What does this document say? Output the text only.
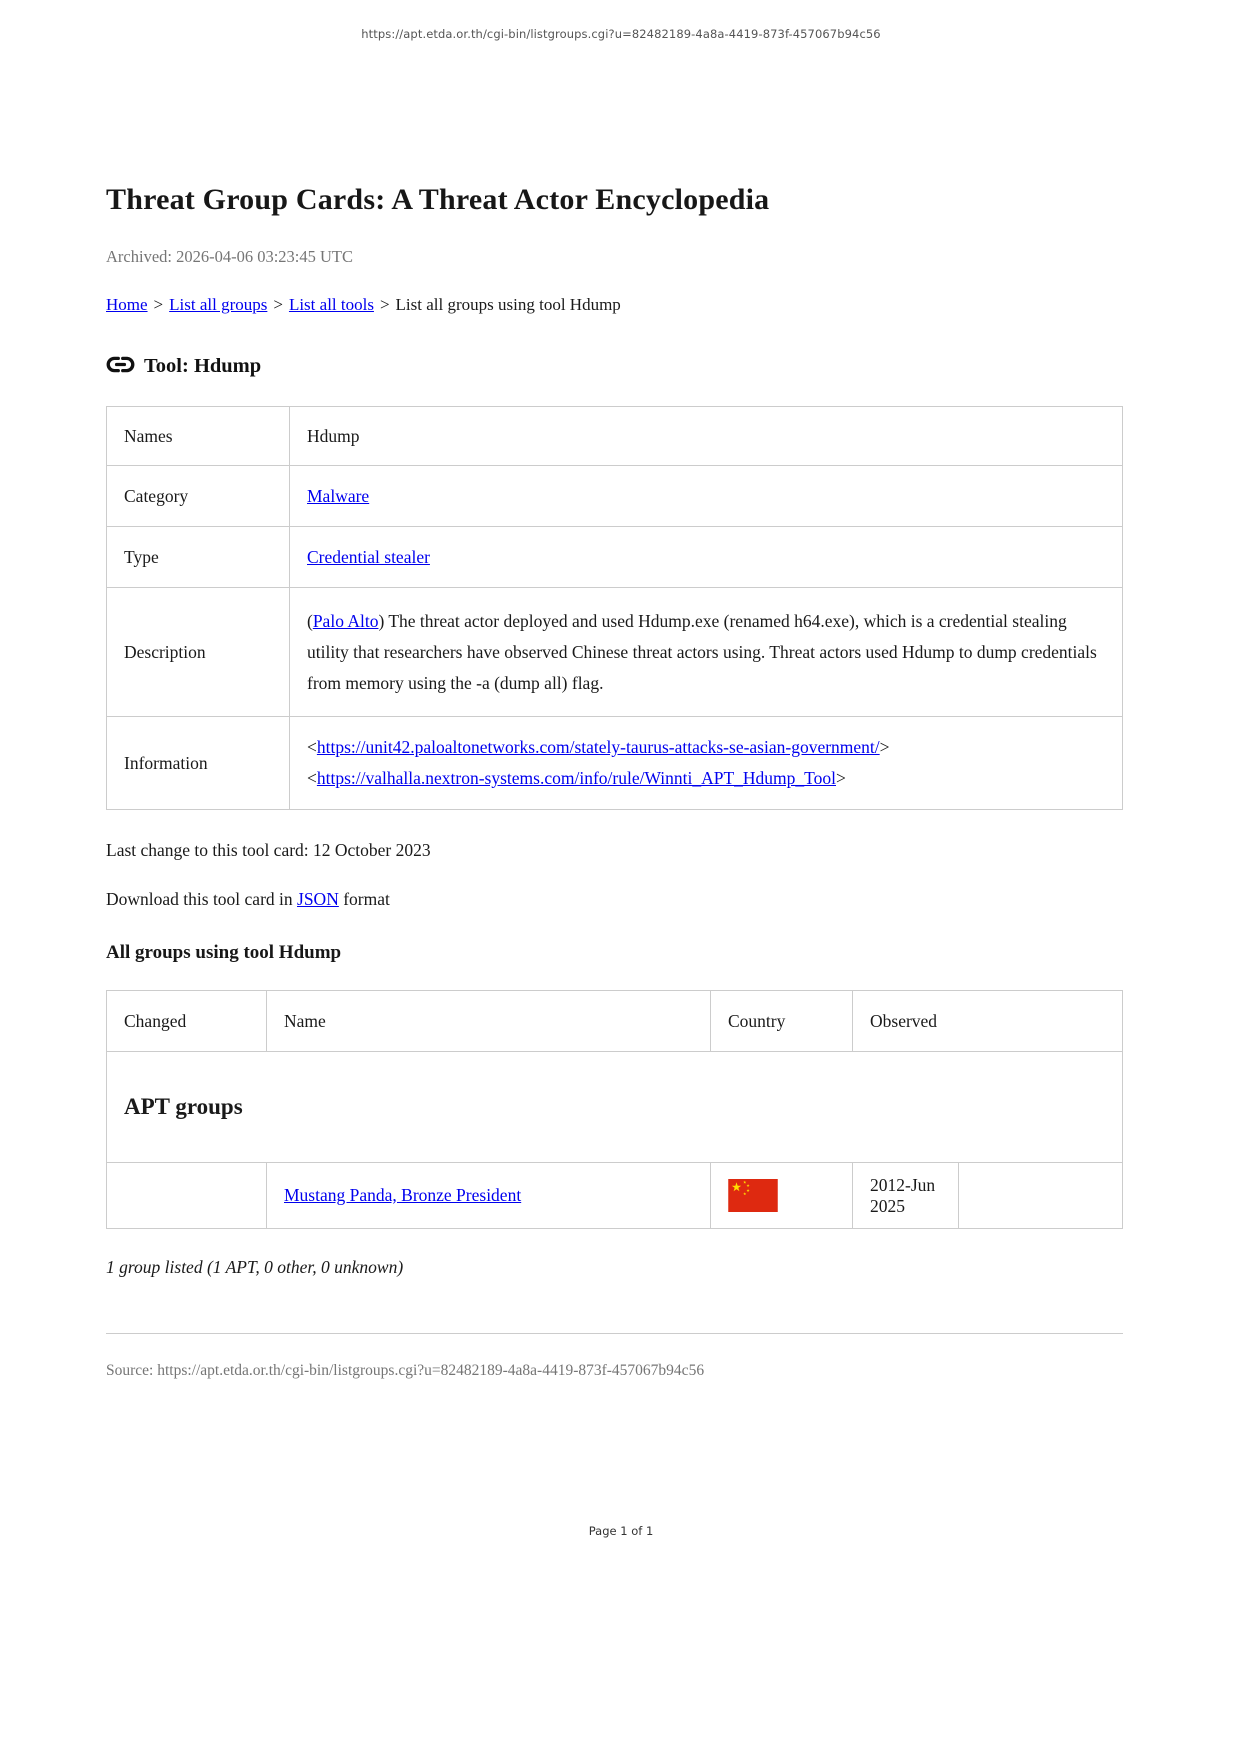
https://apt.etda.or.th/cgi-bin/listgroups.cgi?u=82482189-4a8a-4419-873f-457067b94c56
Threat Group Cards: A Threat Actor Encyclopedia

Archived: 2026-04-06 03:23:45 UTC

Home > List all groups > List all tools > List all groups using tool Hdump

Tool: Hdump
Names	Hdump
Category	Malware
Type	Credential stealer
Description	(Palo Alto) The threat actor deployed and used Hdump.exe (renamed h64.exe), which is a credential stealing utility that researchers have observed Chinese threat actors using. Threat actors used Hdump to dump credentials from memory using the -a (dump all) flag.
Information	<https://unit42.paloaltonetworks.com/stately-taurus-attacks-se-asian-government/>
<https://valhalla.nextron-systems.com/info/rule/Winnti_APT_Hdump_Tool>

Last change to this tool card: 12 October 2023

Download this tool card in JSON format

All groups using tool Hdump
Changed	Name	Country	Observed	
APT groups				
	Mustang Panda, Bronze President		2012-Jun 2025	

1 group listed (1 APT, 0 other, 0 unknown)

Source: https://apt.etda.or.th/cgi-bin/listgroups.cgi?u=82482189-4a8a-4419-873f-457067b94c56

Page 1 of 1
